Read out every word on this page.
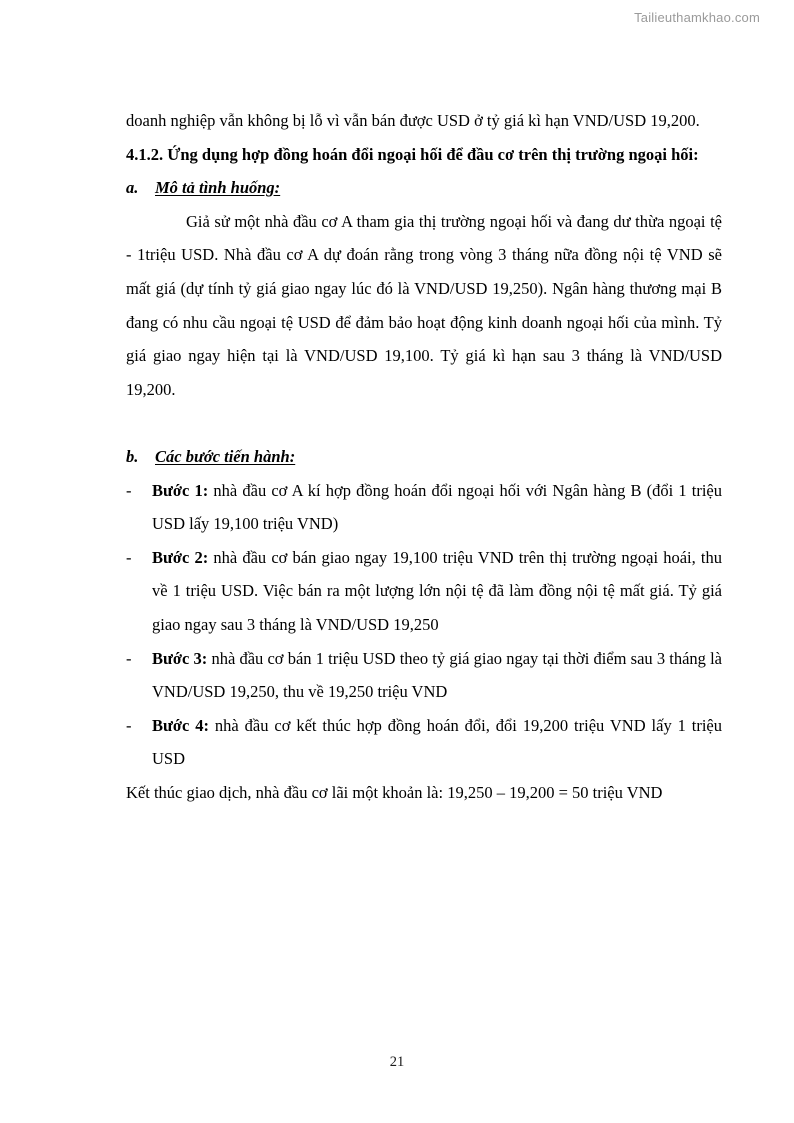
Tailieuthamkhao.com

doanh nghiệp vẫn không bị lỗ vì vẫn bán được USD ở tỷ giá kì hạn VND/USD 19,200.

4.1.2. Ứng dụng hợp đồng hoán đổi ngoại hối để đầu cơ trên thị trường ngoại hối:

a.	Mô tả tình huống:

Giả sử một nhà đầu cơ A tham gia thị trường ngoại hối và đang dư thừa ngoại tệ - 1triệu USD. Nhà đầu cơ A dự đoán rằng trong vòng 3 tháng nữa đồng nội tệ VND sẽ mất giá (dự tính tỷ giá giao ngay lúc đó là VND/USD 19,250). Ngân hàng thương mại B đang có nhu cầu ngoại tệ USD để đảm bảo hoạt động kinh doanh ngoại hối của mình. Tỷ giá giao ngay hiện tại là VND/USD 19,100. Tỷ giá kì hạn sau 3 tháng là VND/USD 19,200.

b.	Các bước tiến hành:
-	Bước 1: nhà đầu cơ A kí hợp đồng hoán đổi ngoại hối với Ngân hàng B (đổi 1 triệu USD lấy 19,100 triệu VND)
-	Bước 2: nhà đầu cơ bán giao ngay 19,100 triệu VND trên thị trường ngoại hoái, thu về 1 triệu USD. Việc bán ra một lượng lớn nội tệ đã làm đồng nội tệ mất giá. Tỷ giá giao ngay sau 3 tháng là VND/USD 19,250
-	Bước 3: nhà đầu cơ bán 1 triệu USD theo tỷ giá giao ngay tại thời điểm sau 3 tháng là VND/USD 19,250, thu về 19,250 triệu VND
-	Bước 4: nhà đầu cơ kết thúc hợp đồng hoán đổi, đổi 19,200 triệu VND lấy 1 triệu USD

Kết thúc giao dịch, nhà đầu cơ lãi một khoản là: 19,250 – 19,200 = 50 triệu VND

21
